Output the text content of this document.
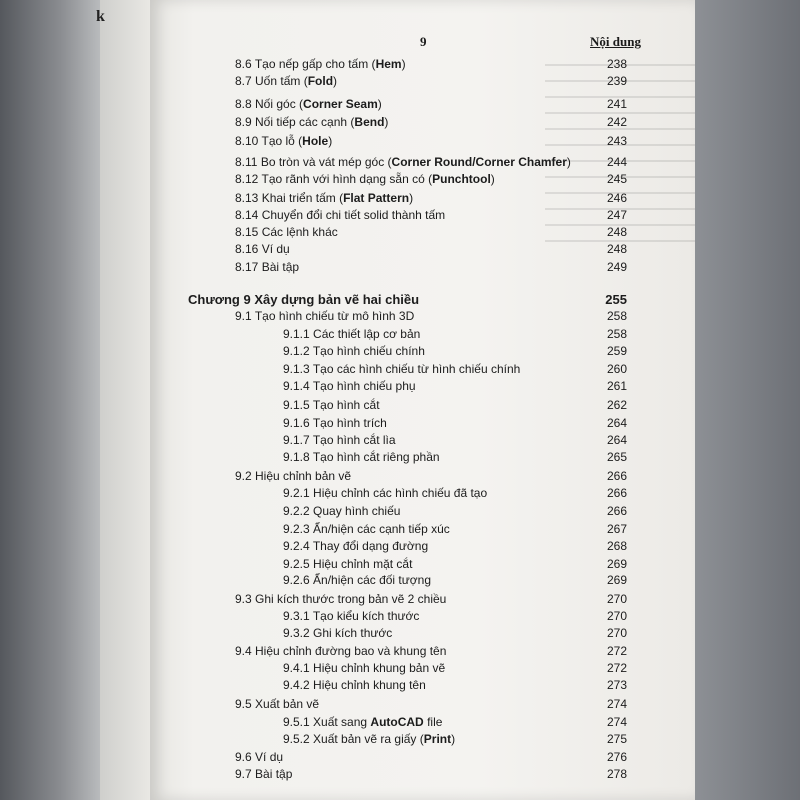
k
9	Nội dung
8.6 Tạo nếp gấp cho tấm (Hem)	238
8.7 Uốn tấm (Fold)	239
8.8 Nối góc (Corner Seam)	241
8.9 Nối tiếp các cạnh (Bend)	242
8.10 Tạo lỗ (Hole)	243
8.11 Bo tròn và vát mép góc (Corner Round/Corner Chamfer)	244
8.12 Tạo rãnh với hình dạng sẵn có (Punchtool)	245
8.13 Khai triển tấm (Flat Pattern)	246
8.14 Chuyển đổi chi tiết solid thành tấm	247
8.15 Các lệnh khác	248
8.16 Ví dụ	248
8.17 Bài tập	249
Chương 9 Xây dựng bản vẽ hai chiều	255
9.1 Tạo hình chiếu từ mô hình 3D	258
9.1.1 Các thiết lập cơ bản	258
9.1.2 Tạo hình chiếu chính	259
9.1.3 Tạo các hình chiếu từ hình chiếu chính	260
9.1.4 Tạo hình chiếu phụ	261
9.1.5 Tạo hình cắt	262
9.1.6 Tạo hình trích	264
9.1.7 Tạo hình cắt lìa	264
9.1.8 Tạo hình cắt riêng phần	265
9.2 Hiệu chỉnh bản vẽ	266
9.2.1 Hiệu chỉnh các hình chiếu đã tạo	266
9.2.2 Quay hình chiếu	266
9.2.3 Ẩn/hiện các cạnh tiếp xúc	267
9.2.4 Thay đổi dạng đường	268
9.2.5 Hiệu chỉnh mặt cắt	269
9.2.6 Ẩn/hiện các đối tượng	269
9.3 Ghi kích thước trong bản vẽ 2 chiều	270
9.3.1 Tạo kiểu kích thước	270
9.3.2 Ghi kích thước	270
9.4 Hiệu chỉnh đường bao và khung tên	272
9.4.1 Hiệu chỉnh khung bản vẽ	272
9.4.2 Hiệu chỉnh khung tên	273
9.5 Xuất bản vẽ	274
9.5.1 Xuất sang AutoCAD file	274
9.5.2 Xuất bản vẽ ra giấy (Print)	275
9.6 Ví dụ	276
9.7 Bài tập	278
